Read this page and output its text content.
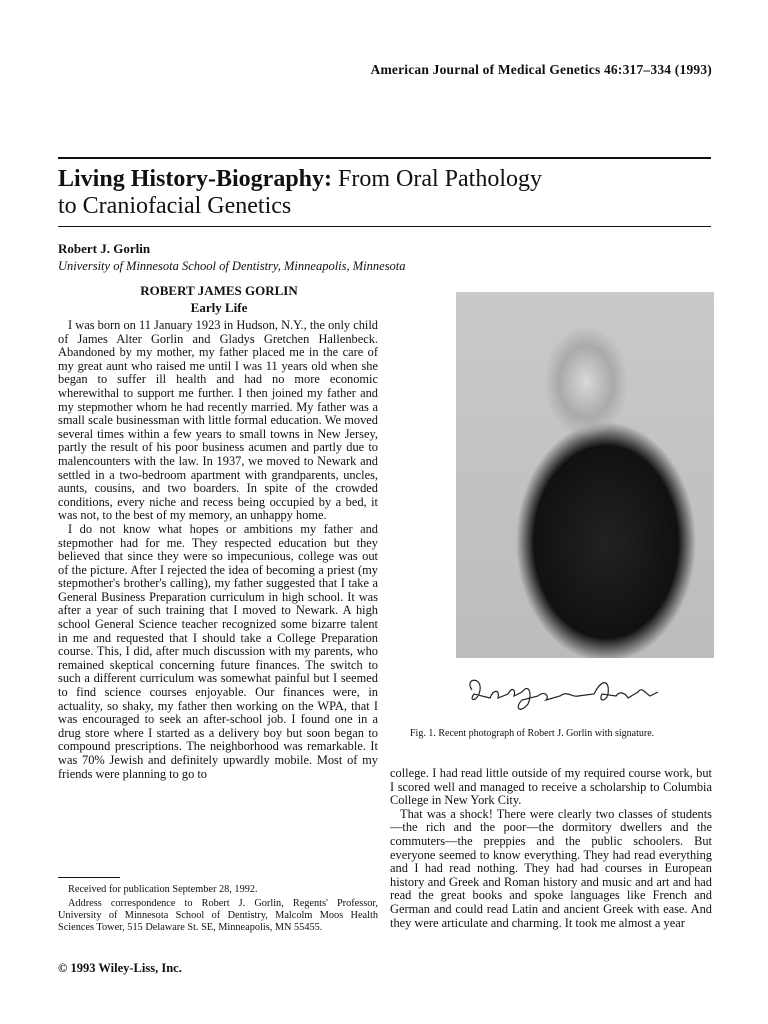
American Journal of Medical Genetics 46:317–334 (1993)
Living History-Biography: From Oral Pathology
to Craniofacial Genetics
Robert J. Gorlin
University of Minnesota School of Dentistry, Minneapolis, Minnesota
ROBERT JAMES GORLIN
Early Life

I was born on 11 January 1923 in Hudson, N.Y., the only child of James Alter Gorlin and Gladys Gretchen Hallenbeck. Abandoned by my mother, my father placed me in the care of my great aunt who raised me until I was 11 years old when she began to suffer ill health and had no more economic wherewithal to support me further. I then joined my father and my stepmother whom he had recently married. My father was a small scale businessman with little formal education. We moved several times within a few years to small towns in New Jersey, partly the result of his poor business acumen and partly due to malencounters with the law. In 1937, we moved to Newark and settled in a two-bedroom apartment with grandparents, uncles, aunts, cousins, and two boarders. In spite of the crowded conditions, every niche and recess being occupied by a bed, it was not, to the best of my memory, an unhappy home.

I do not know what hopes or ambitions my father and stepmother had for me. They respected education but they believed that since they were so impecunious, college was out of the picture. After I rejected the idea of becoming a priest (my stepmother's brother's calling), my father suggested that I take a General Business Preparation curriculum in high school. It was after a year of such training that I moved to Newark. A high school General Science teacher recognized some bizarre talent in me and requested that I should take a College Preparation course. This, I did, after much discussion with my parents, who remained skeptical concerning future finances. The switch to such a different curriculum was somewhat painful but I seemed to find science courses enjoyable. Our finances were, in actuality, so shaky, my father then working on the WPA, that I was encouraged to seek an after-school job. I found one in a drug store where I started as a delivery boy but soon began to compound prescriptions. The neighborhood was remarkable. It was 70% Jewish and definitely upwardly mobile. Most of my friends were planning to go to

Fig. 1. Recent photograph of Robert J. Gorlin with signature.

college. I had read little outside of my required course work, but I scored well and managed to receive a scholarship to Columbia College in New York City.

That was a shock! There were clearly two classes of students—the rich and the poor—the dormitory dwellers and the commuters—the preppies and the public schoolers. But everyone seemed to know everything. They had read everything and I had read nothing. They had had courses in European history and Greek and Roman history and music and art and had read the great books and spoke languages like French and German and could read Latin and ancient Greek with ease. And they were articulate and charming. It took me almost a year

Received for publication September 28, 1992.
Address correspondence to Robert J. Gorlin, Regents' Professor, University of Minnesota School of Dentistry, Malcolm Moos Health Sciences Tower, 515 Delaware St. SE, Minneapolis, MN 55455.
© 1993 Wiley-Liss, Inc.
